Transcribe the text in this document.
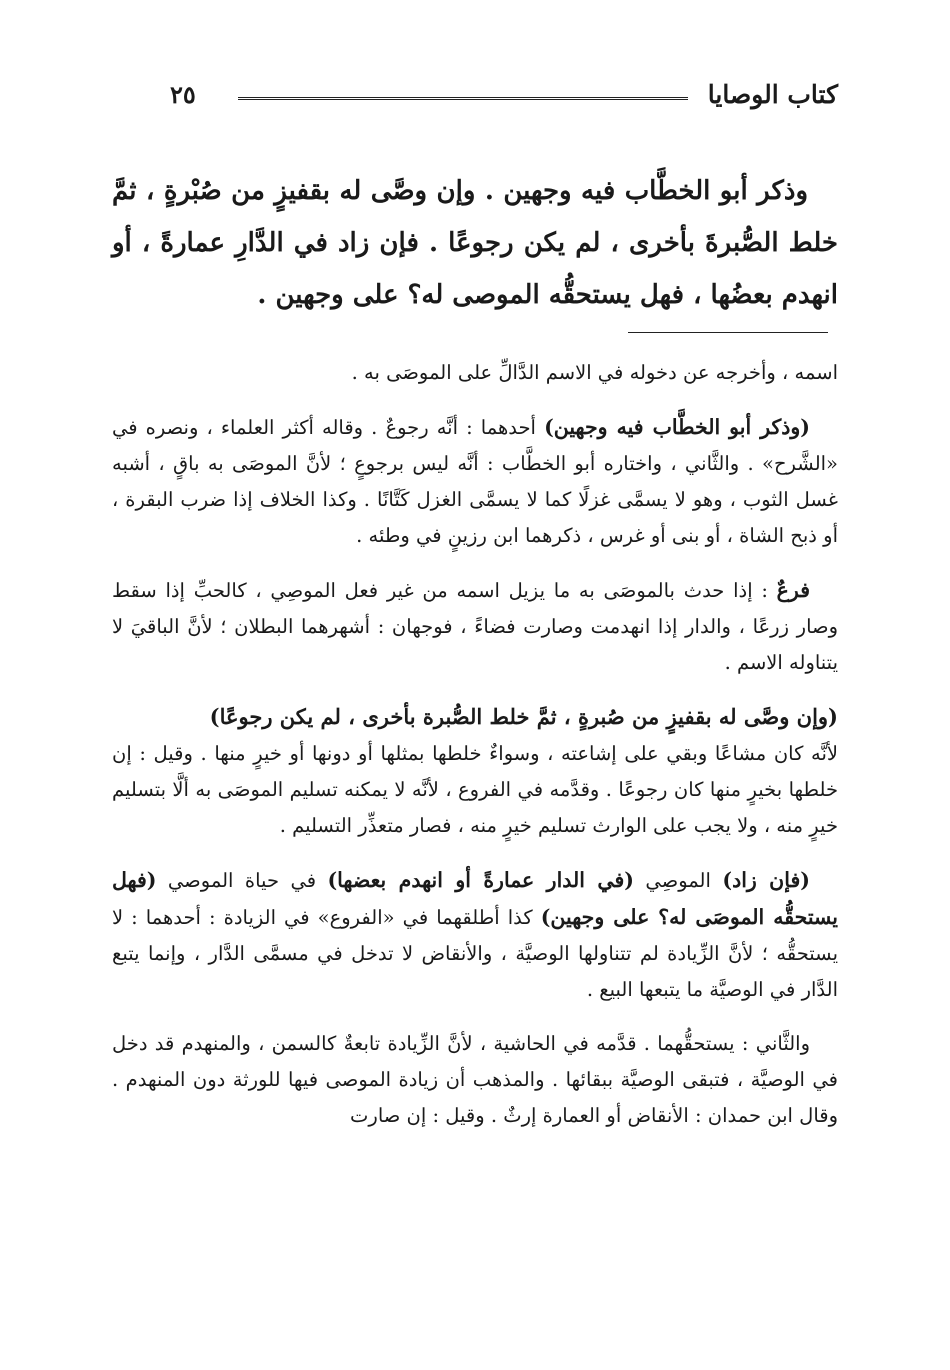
كتاب الوصايا
٢٥
وذكر أبو الخطَّاب فيه وجهين . وإن وصَّى له بقفيزٍ من صُبْرةٍ ، ثمَّ خلط الصُّبرةَ بأخرى ، لم يكن رجوعًا . فإن زاد في الدَّارِ عمارةً ، أو انهدم بعضُها ، فهل يستحقُّه الموصى له؟ على وجهين .

اسمه ، وأخرجه عن دخوله في الاسم الدَّالِّ على الموصَى به .

(وذكر أبو الخطَّاب فيه وجهين) أحدهما : أنَّه رجوعٌ . وقاله أكثر العلماء ، ونصره في «الشَّرح» . والثَّاني ، واختاره أبو الخطَّاب : أنَّه ليس برجوعٍ ؛ لأنَّ الموصَى به باقٍ ، أشبه غسل الثوب ، وهو لا يسمَّى غزلًا كما لا يسمَّى الغزل كَتَّانًا . وكذا الخلاف إذا ضرب البقرة ، أو ذبح الشاة ، أو بنى أو غرس ، ذكرهما ابن رزينٍ في وطئه .

فرعٌ : إذا حدث بالموصَى به ما يزيل اسمه من غير فعل الموصِي ، كالحبِّ إذا سقط وصار زرعًا ، والدار إذا انهدمت وصارت فضاءً ، فوجهان : أشهرهما البطلان ؛ لأنَّ الباقيَ لا يتناوله الاسم .

(وإن وصَّى له بقفيزٍ من صُبرةٍ ، ثمَّ خلط الصُّبرة بأخرى ، لم يكن رجوعًا)
لأنَّه كان مشاعًا وبقي على إشاعته ، وسواءٌ خلطها بمثلها أو دونها أو خيرٍ منها . وقيل : إن خلطها بخيرٍ منها كان رجوعًا . وقدَّمه في الفروع ، لأنَّه لا يمكنه تسليم الموصَى به ألَّا بتسليم خيرٍ منه ، ولا يجب على الوارث تسليم خيرٍ منه ، فصار متعذِّر التسليم .

(فإن زاد) الموصِي (في الدار عمارةً أو انهدم بعضها) في حياة الموصي (فهل يستحقُّه الموصَى له؟ على وجهين) كذا أطلقهما في «الفروع» في الزيادة : أحدهما : لا يستحقُّه ؛ لأنَّ الزِّيادة لم تتناولها الوصيَّة ، والأنقاض لا تدخل في مسمَّى الدَّار ، وإنما يتبع الدَّار في الوصيَّة ما يتبعها البيع .

والثَّاني : يستحقُّهما . قدَّمه في الحاشية ، لأنَّ الزِّيادة تابعةٌ كالسمن ، والمنهدم قد دخل في الوصيَّة ، فتبقى الوصيَّة ببقائها . والمذهب أن زيادة الموصى فيها للورثة دون المنهدم . وقال ابن حمدان : الأنقاض أو العمارة إرثٌ . وقيل : إن صارت
